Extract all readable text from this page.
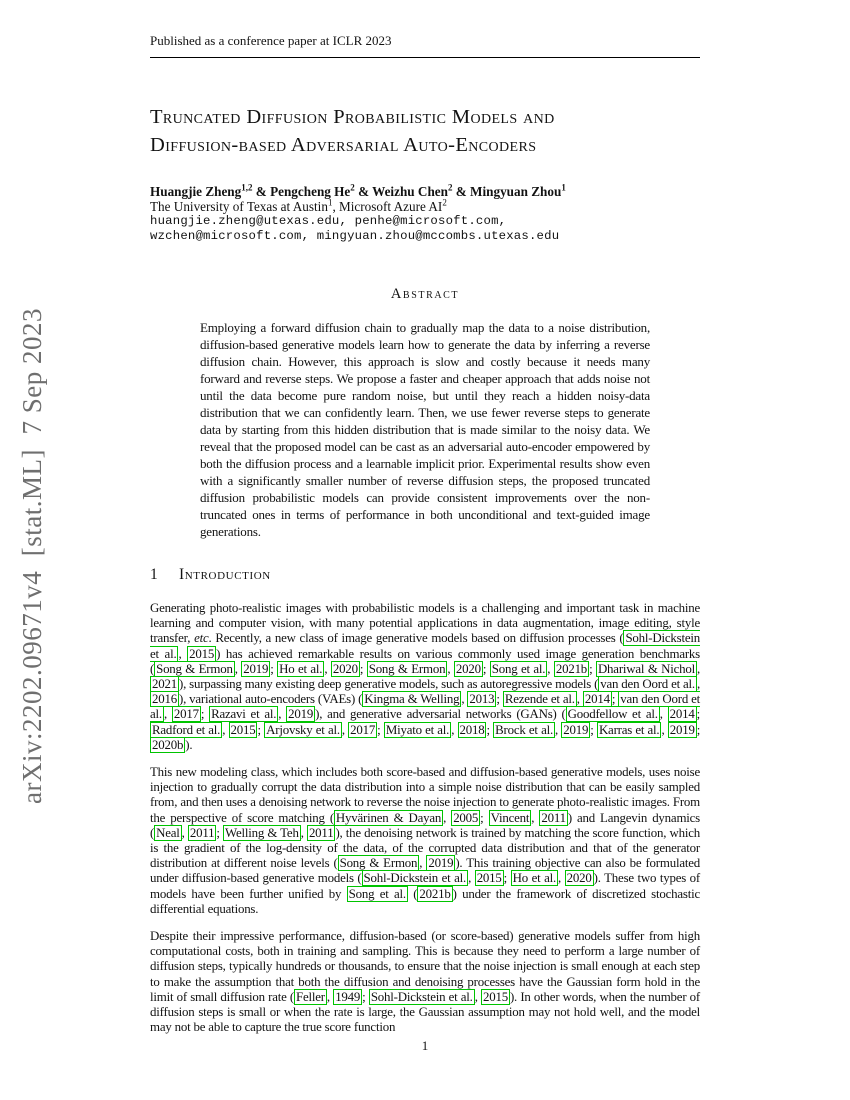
arXiv:2202.09671v4  [stat.ML]  7 Sep 2023
Published as a conference paper at ICLR 2023
Truncated Diffusion Probabilistic Models and
Diffusion-based Adversarial Auto-Encoders
Huangjie Zheng$^{1,2}$ & Pengcheng He$^2$ & Weizhu Chen$^2$ & Mingyuan Zhou$^1$
The University of Texas at Austin$^1$, Microsoft Azure $AI^2$
huangjie.zheng@utexas.edu, penhe@microsoft.com,
wzchen@microsoft.com, mingyuan.zhou@mccombs.utexas.edu
Abstract
Employing a forward diffusion chain to gradually map the data to a noise distribution, diffusion-based generative models learn how to generate the data by inferring a reverse diffusion chain. However, this approach is slow and costly because it needs many forward and reverse steps. We propose a faster and cheaper approach that adds noise not until the data become pure random noise, but until they reach a hidden noisy-data distribution that we can confidently learn. Then, we use fewer reverse steps to generate data by starting from this hidden distribution that is made similar to the noisy data. We reveal that the proposed model can be cast as an adversarial auto-encoder empowered by both the diffusion process and a learnable implicit prior. Experimental results show even with a significantly smaller number of reverse diffusion steps, the proposed truncated diffusion probabilistic models can provide consistent improvements over the non-truncated ones in terms of performance in both unconditional and text-guided image generations.
1 Introduction
Generating photo-realistic images with probabilistic models is a challenging and important task in machine learning and computer vision, with many potential applications in data augmentation, image editing, style transfer, etc. Recently, a new class of image generative models based on diffusion processes ( Sohl-Dickstein et al. , 2015 ) has achieved remarkable results on various commonly used image generation benchmarks ( Song & Ermon , 2019 ; Ho et al. , 2020 ; Song & Ermon , 2020 ; Song et al. , 2021b ; Dhariwal & Nichol , 2021 ), surpassing many existing deep generative models, such as autoregressive models ( van den Oord et al. , 2016 ), variational auto-encoders (VAEs) ( Kingma & Welling , 2013 ; Rezende et al. , 2014 ; van den Oord et al. , 2017 ; Razavi et al. , 2019 ), and generative adversarial networks (GANs) ( Goodfellow et al. , 2014 ; Radford et al. , 2015 ; Arjovsky et al. , 2017 ; Miyato et al. , 2018 ; Brock et al. , 2019 ; Karras et al. , 2019 ; 2020b ).
This new modeling class, which includes both score-based and diffusion-based generative models, uses noise injection to gradually corrupt the data distribution into a simple noise distribution that can be easily sampled from, and then uses a denoising network to reverse the noise injection to generate photo-realistic images. From the perspective of score matching ( Hyvärinen & Dayan , 2005 ; Vincent , 2011 ) and Langevin dynamics ( Neal , 2011 ; Welling & Teh , 2011 ), the denoising network is trained by matching the score function, which is the gradient of the log-density of the data, of the corrupted data distribution and that of the generator distribution at different noise levels ( Song & Ermon , 2019 ). This training objective can also be formulated under diffusion-based generative models ( Sohl-Dickstein et al. , 2015 ; Ho et al. , 2020 ). These two types of models have been further unified by Song et al. ( 2021b ) under the framework of discretized stochastic differential equations.
Despite their impressive performance, diffusion-based (or score-based) generative models suffer from high computational costs, both in training and sampling. This is because they need to perform a large number of diffusion steps, typically hundreds or thousands, to ensure that the noise injection is small enough at each step to make the assumption that both the diffusion and denoising processes have the Gaussian form hold in the limit of small diffusion rate ( Feller , 1949 ; Sohl-Dickstein et al. , 2015 ). In other words, when the number of diffusion steps is small or when the rate is large, the Gaussian assumption may not hold well, and the model may not be able to capture the true score function
1
